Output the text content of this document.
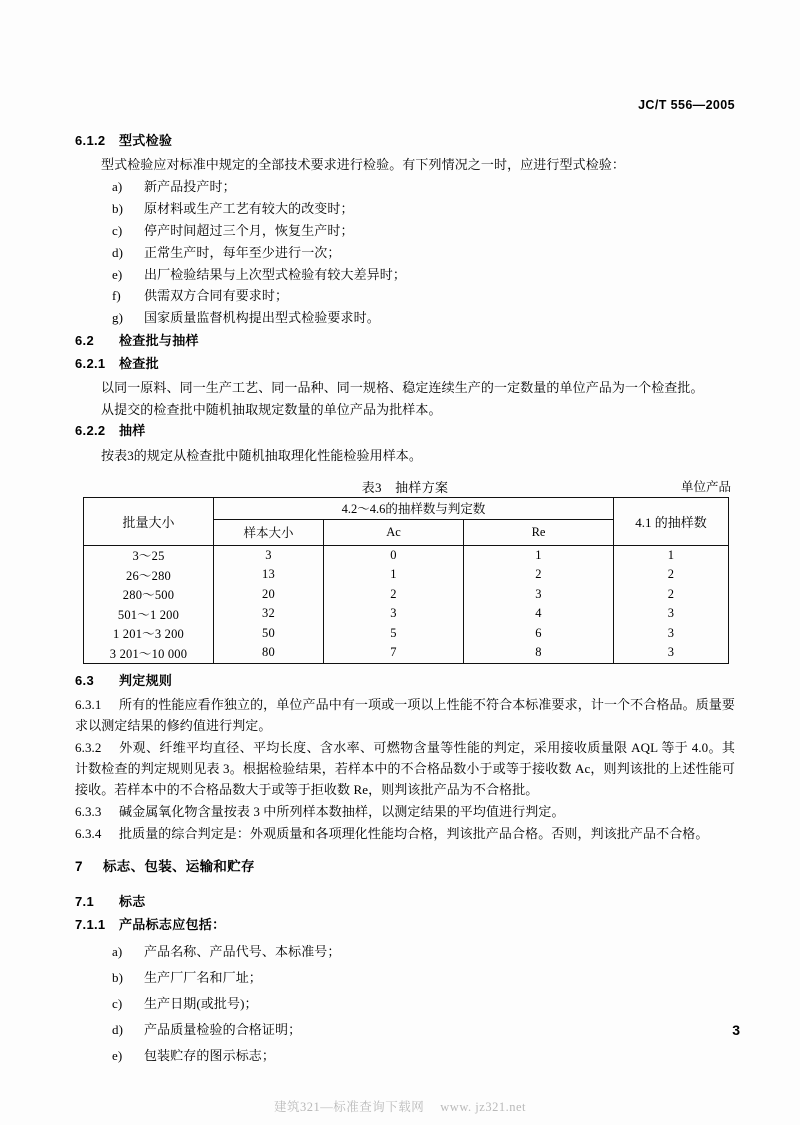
JC/T 556—2005
6.1.2 型式检验

型式检验应对标准中规定的全部技术要求进行检验。有下列情况之一时，应进行型式检验：

a)	新产品投产时；
b)	原材料或生产工艺有较大的改变时；
c)	停产时间超过三个月，恢复生产时；
d)	正常生产时，每年至少进行一次；
e)	出厂检验结果与上次型式检验有较大差异时；
f)	供需双方合同有要求时；
g)	国家质量监督机构提出型式检验要求时。
6.2 检查批与抽样
6.2.1 检查批

以同一原料、同一生产工艺、同一品种、同一规格、稳定连续生产的一定数量的单位产品为一个检查批。

从提交的检查批中随机抽取规定数量的单位产品为批样本。

6.2.2 抽样

按表3的规定从检查批中随机抽取理化性能检验用样本。

表3　抽样方案	单位产品
批量大小	4.2～4.6的抽样数与判定数			4.1 的抽样数
	样本大小	Ac	Re	

3～25	3	0	1	1
26～280	13	1	2	2
280～500	20	2	3	2
501～1 200	32	3	4	3
1 201～3 200	50	5	6	3
3 201～10 000	80	7	8	3
6.3 判定规则

6.3.1 所有的性能应看作独立的，单位产品中有一项或一项以上性能不符合本标准要求，计一个不合格品。质量要求以测定结果的修约值进行判定。

6.3.2 外观、纤维平均直径、平均长度、含水率、可燃物含量等性能的判定，采用接收质量限 AQL 等于 4.0。其计数检查的判定规则见表 3。根据检验结果，若样本中的不合格品数小于或等于接收数 Ac，则判该批的上述性能可接收。若样本中的不合格品数大于或等于拒收数 Re，则判该批产品为不合格批。

6.3.3 碱金属氧化物含量按表 3 中所列样本数抽样，以测定结果的平均值进行判定。

6.3.4 批质量的综合判定是：外观质量和各项理化性能均合格，判该批产品合格。否则，判该批产品不合格。

7 标志、包装、运输和贮存
7.1 标志
7.1.1 产品标志应包括：
a)	产品名称、产品代号、本标准号；
b)	生产厂厂名和厂址；
c)	生产日期(或批号)；
d)	产品质量检验的合格证明；
e)	包装贮存的图示标志；
3
建筑321—标准查询下载网 www. jz321.net
